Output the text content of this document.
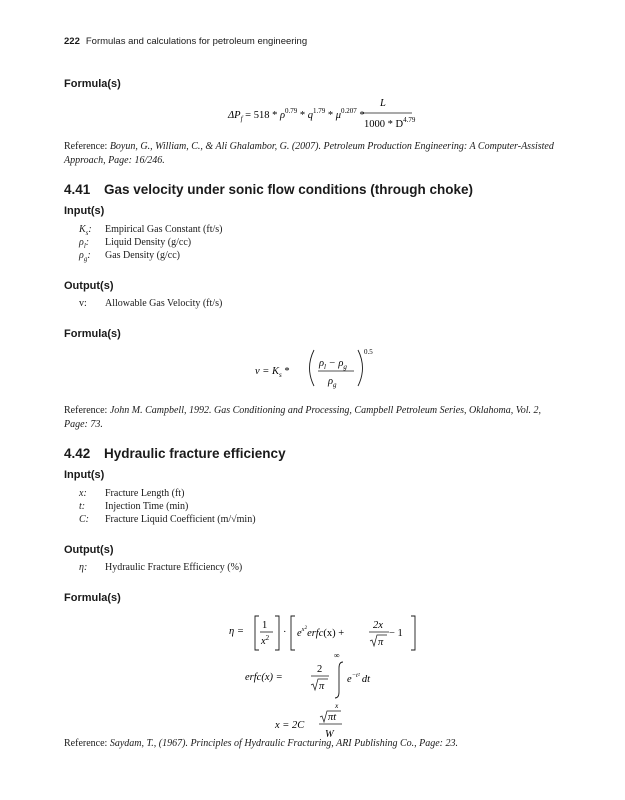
222 Formulas and calculations for petroleum engineering
Formula(s)
$\Delta P_f = 518 * \rho^{0.79} * q^{1.79} * \mu^{0.207}$ *
L
$1000 * D^{4.79}$
Reference: Boyun, G., William, C., & Ali Ghalambor, G. (2007). Petroleum Production Engineering: A Computer-Assisted Approach, Page: 16/246.
4.41 Gas velocity under sonic flow conditions (through choke)
Input(s)
$K_s$: Empirical Gas Constant (ft/s)
$\rho_l$: Liquid Density (g/cc)
$\rho_g$: Gas Density (g/cc)
Output(s)
v: Allowable Gas Velocity (ft/s)
Formula(s)
$v = K_s$ *
$\rho_l - \rho_g$
$\rho_g$
0.5
Reference: John M. Campbell, 1992. Gas Conditioning and Processing, Campbell Petroleum Series, Oklahoma, Vol. 2, Page: 73.
4.42 Hydraulic fracture efficiency
Input(s)
x: Fracture Length (ft)
t: Injection Time (min)
C: Fracture Liquid Coefficient (m/√min)
Output(s)
η: Hydraulic Fracture Efficiency (%)
Formula(s)
η =
1
$x^2$ · $e^x2erfc(x)$ +
2x
π
− 1
erfc(x) =
2
π
∞
x
$e^{-t^2}$ dt
x = 2C
πt
W
Reference: Saydam, T., (1967). Principles of Hydraulic Fracturing, ARI Publishing Co., Page: 23.
